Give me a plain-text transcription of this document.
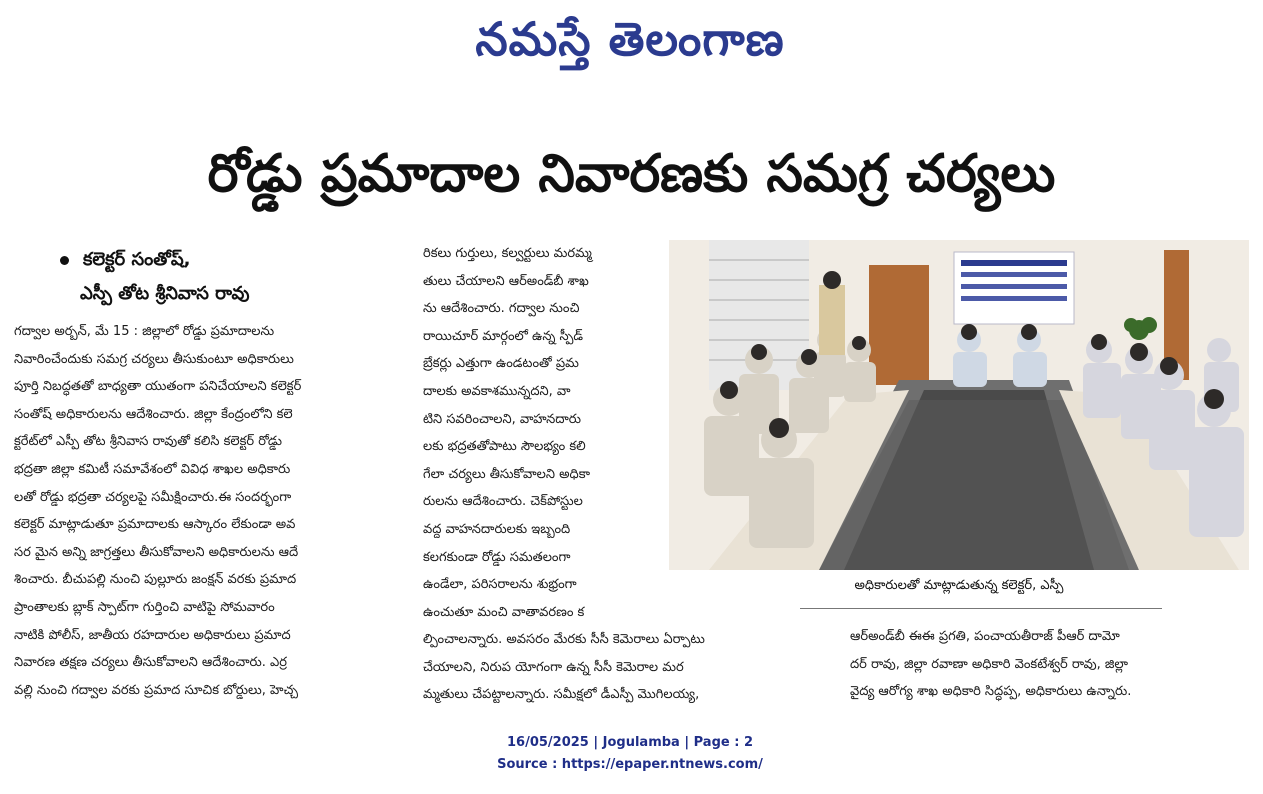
నమస్తే తెలంగాణ
రోడ్డు ప్రమాదాల నివారణకు సమగ్ర చర్యలు
కలెక్టర్ సంతోష్,
ఎస్పీ తోట శ్రీనివాస రావు
గద్వాల అర్బన్, మే 15 : జిల్లాలో రోడ్డు ప్రమాదాలను
నివారించేందుకు సమగ్ర చర్యలు తీసుకుంటూ అధికారులు
పూర్తి నిబద్ధతతో బాధ్యతా యుతంగా పనిచేయాలని కలెక్టర్
సంతోష్ అధికారులను ఆదేశించారు. జిల్లా కేంద్రంలోని కలె
క్టరేట్‌లో ఎస్పీ తోట శ్రీనివాస రావుతో కలిసి కలెక్టర్ రోడ్డు
భద్రతా జిల్లా కమిటీ సమావేశంలో వివిధ శాఖల అధికారు
లతో రోడ్డు భద్రతా చర్యలపై సమీక్షించారు.ఈ సందర్భంగా
కలెక్టర్ మాట్లాడుతూ ప్రమాదాలకు ఆస్కారం లేకుండా అవ
సర మైన అన్ని జాగ్రత్తలు తీసుకోవాలని అధికారులను ఆదే
శించారు. బీచుపల్లి నుంచి పుల్లూరు జంక్షన్ వరకు ప్రమాద
ప్రాంతాలకు బ్లాక్ స్పాట్‌గా గుర్తించి వాటిపై సోమవారం
నాటికి పోలీస్, జాతీయ రహదారుల అధికారులు ప్రమాద
నివారణ తక్షణ చర్యలు తీసుకోవాలని ఆదేశించారు. ఎర్ర
వల్లి నుంచి గద్వాల వరకు ప్రమాద సూచిక బోర్డులు, హెచ్చ
రికలు గుర్తులు, కల్వర్టులు మరమ్మ
తులు చేయాలని ఆర్‌అండ్‌బీ శాఖ
ను ఆదేశించారు. గద్వాల నుంచి
రాయిచూర్ మార్గంలో ఉన్న స్పీడ్
బ్రేకర్లు ఎత్తుగా ఉండటంతో ప్రమ
దాలకు అవకాశమున్నదని, వా
టిని సవరించాలని, వాహనదారు
లకు భద్రతతోపాటు సౌలభ్యం కలి
గేలా చర్యలు తీసుకోవాలని అధికా
రులను ఆదేశించారు. చెక్‌పోస్టుల
వద్ద వాహనదారులకు ఇబ్బంది
కలగకుండా రోడ్డు సమతలంగా
ఉండేలా, పరిసరాలను శుభ్రంగా
ఉంచుతూ మంచి వాతావరణం క
ల్పించాలన్నారు. అవసరం మేరకు సీసీ కెమెరాలు ఏర్పాటు
చేయాలని, నిరుప యోగంగా ఉన్న సీసీ కెమెరాల మర
మ్మతులు చేపట్టాలన్నారు. సమీక్షలో డీఎస్పీ మొగిలయ్య,
అధికారులతో మాట్లాడుతున్న కలెక్టర్, ఎస్పీ
ఆర్‌అండ్‌బీ ఈఈ ప్రగతి, పంచాయతీరాజ్ పీఆర్ దామో
దర్ రావు, జిల్లా రవాణా అధికారి వెంకటేశ్వర్ రావు, జిల్లా
వైద్య ఆరోగ్య శాఖ అధికారి సిద్ధప్ప, అధికారులు ఉన్నారు.
16/05/2025 | Jogulamba | Page : 2
Source : https://epaper.ntnews.com/
